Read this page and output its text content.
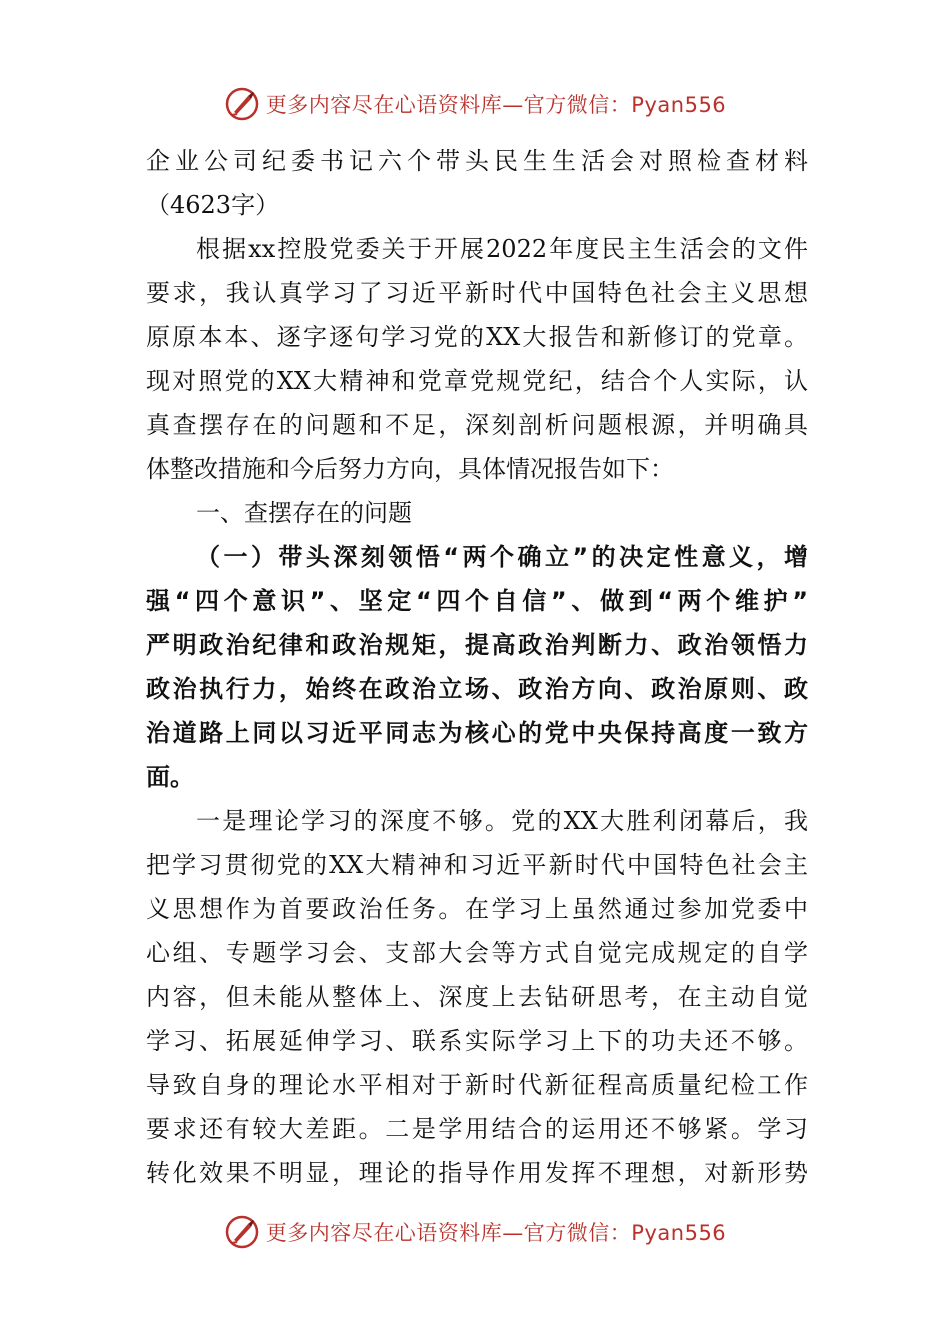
更多内容尽在心语资料库—官方微信：Pyan556
企业公司纪委书记六个带头民生生活会对照检查材料
（4623字）
根据xx控股党委关于开展2022年度民主生活会的文件
要求，我认真学习了习近平新时代中国特色社会主义思想
原原本本、逐字逐句学习党的XX大报告和新修订的党章。
现对照党的XX大精神和党章党规党纪，结合个人实际，认
真查摆存在的问题和不足，深刻剖析问题根源，并明确具
体整改措施和今后努力方向，具体情况报告如下：
一、查摆存在的问题
（一）带头深刻领悟“两个确立”的决定性意义，增
强“四个意识”、坚定“四个自信”、做到“两个维护”
严明政治纪律和政治规矩，提高政治判断力、政治领悟力
政治执行力，始终在政治立场、政治方向、政治原则、政
治道路上同以习近平同志为核心的党中央保持高度一致方
面。
一是理论学习的深度不够。党的XX大胜利闭幕后，我
把学习贯彻党的XX大精神和习近平新时代中国特色社会主
义思想作为首要政治任务。在学习上虽然通过参加党委中
心组、专题学习会、支部大会等方式自觉完成规定的自学
内容，但未能从整体上、深度上去钻研思考，在主动自觉
学习、拓展延伸学习、联系实际学习上下的功夫还不够。
导致自身的理论水平相对于新时代新征程高质量纪检工作
要求还有较大差距。二是学用结合的运用还不够紧。学习
转化效果不明显，理论的指导作用发挥不理想，对新形势
更多内容尽在心语资料库—官方微信：Pyan556
